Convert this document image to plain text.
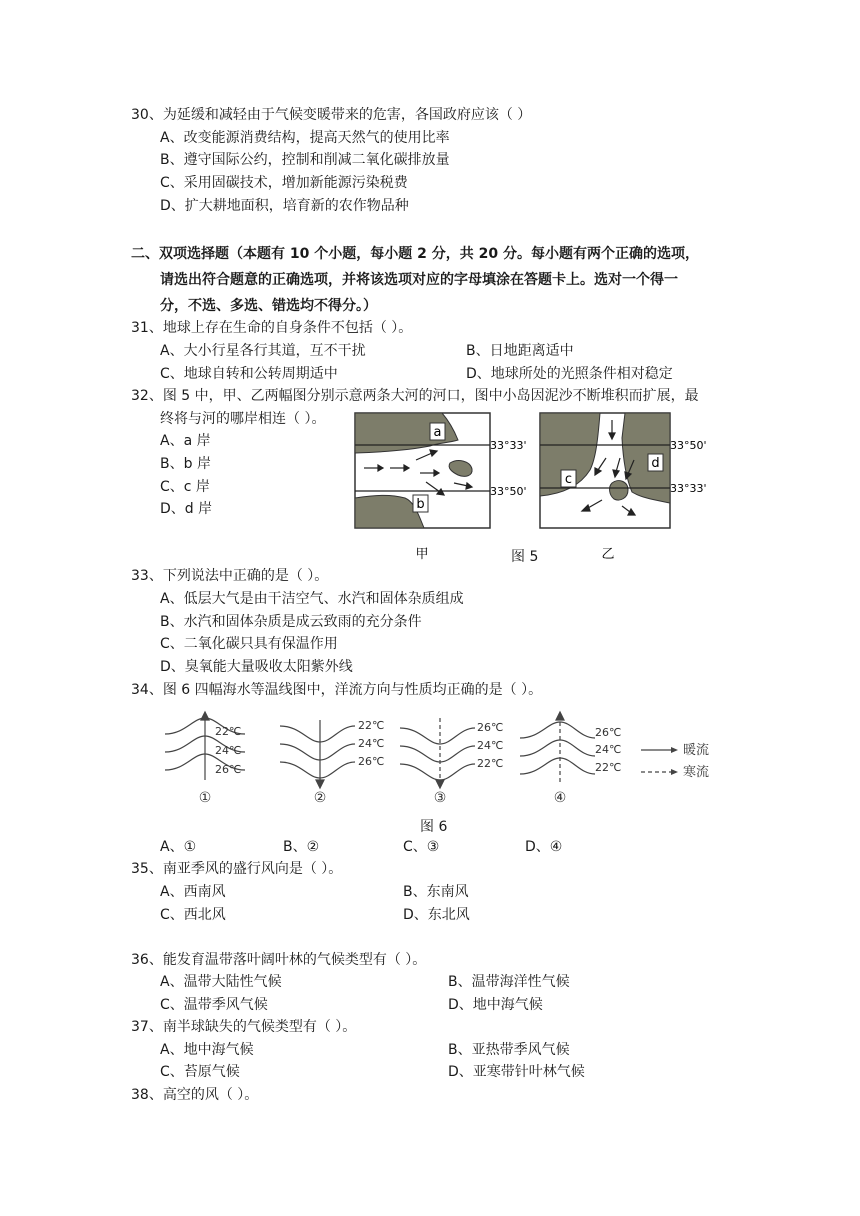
30、为延缓和减轻由于气候变暖带来的危害，各国政府应该（ ）
A、改变能源消费结构，提高天然气的使用比率
B、遵守国际公约，控制和削减二氧化碳排放量
C、采用固碳技术，增加新能源污染税费
D、扩大耕地面积，培育新的农作物品种
二、双项选择题（本题有 10 个小题，每小题 2 分，共 20 分。每小题有两个正确的选项，
请选出符合题意的正确选项，并将该选项对应的字母填涂在答题卡上。选对一个得一
分，不选、多选、错选均不得分。）
31、地球上存在生命的自身条件不包括（ ）。
A、大小行星各行其道，互不干扰	B、日地距离适中
C、地球自转和公转周期适中	D、地球所处的光照条件相对稳定
32、图 5 中，甲、乙两幅图分别示意两条大河的河口，图中小岛因泥沙不断堆积而扩展，最
终将与河的哪岸相连（ ）。
A、a 岸
B、b 岸
C、c 岸
D、d 岸
a
b
33°33'
33°50'
甲
c
d
33°50'
33°33'
乙
图 5
33、下列说法中正确的是（ ）。
A、低层大气是由干洁空气、水汽和固体杂质组成
B、水汽和固体杂质是成云致雨的充分条件
C、二氧化碳只具有保温作用
D、臭氧能大量吸收太阳紫外线
34、图 6 四幅海水等温线图中，洋流方向与性质均正确的是（ ）。
22℃
24℃
26℃
①
22℃
24℃
26℃
②
26℃
24℃
22℃
③
26℃
24℃
22℃
④
暖流
寒流
图 6
A、①	B、②	C、③	D、④
35、南亚季风的盛行风向是（ ）。
A、西南风	B、东南风
C、西北风	D、东北风
36、能发育温带落叶阔叶林的气候类型有（ ）。
A、温带大陆性气候	B、温带海洋性气候
C、温带季风气候	D、地中海气候
37、南半球缺失的气候类型有（ ）。
A、地中海气候	B、亚热带季风气候
C、苔原气候	D、亚寒带针叶林气候
38、高空的风（ ）。
